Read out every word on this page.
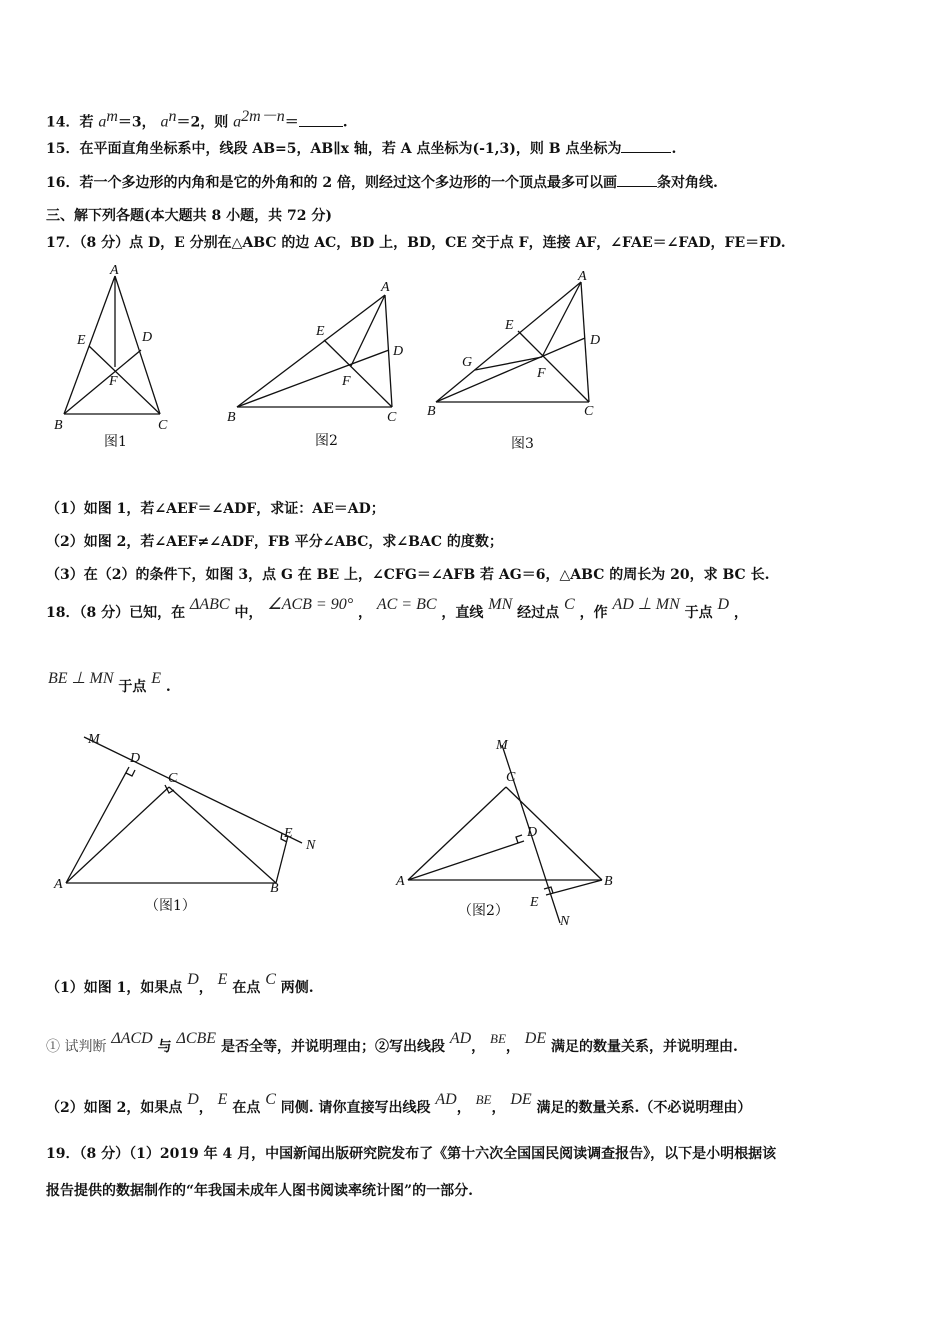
14．若 $a^m=3$， $a^n=2$，则 $a^{2m-n}=$	.
15．在平面直角坐标系中，线段 AB=5，AB∥x 轴，若 A 点坐标为(-1,3)，则 B 点坐标为	.
16．若一个多边形的内角和是它的外角和的 2 倍，则经过这个多边形的一个顶点最多可以画	条对角线.
三、解下列各题(本大题共 8 小题，共 72 分)
17．（8 分）点 D，E 分别在△ABC 的边 AC，BD 上，BD，CE 交于点 F，连接 AF，∠FAE＝∠FAD，FE＝FD.
A
B	C
D
E
F
图1
A
B	C
D
E
F
图2
A
B	C
D
E
F
G
图3
（1）如图 1，若∠AEF＝∠ADF，求证：AE＝AD；
（2）如图 2，若∠AEF≠∠ADF，FB 平分∠ABC，求∠BAC 的度数；
（3）在（2）的条件下，如图 3，点 G 在 BE 上，∠CFG＝∠AFB 若 AG＝6，△ABC 的周长为 20，求 BC 长.
18．（8 分）已知，在 ΔABC 中， ∠ACB = 90° ， AC = BC ，直线 MN 经过点 C ，作 AD ⊥ MN 于点 D ，
BE ⊥ MN 于点 E .
M
D
C
E
N
A	B
（图1）
M
C
D
A	B
E
N
（图2）
（1）如图 1，如果点 D， E 在点 C 两侧.
① 试判断 ΔACD 与 ΔCBE 是否全等，并说明理由；②写出线段 AD， BE， DE 满足的数量关系，并说明理由.
（2）如图 2，如果点 D， E 在点 C 同侧. 请你直接写出线段 AD， BE， DE 满足的数量关系.（不必说明理由）
19．（8 分）（1）2019 年 4 月，中国新闻出版研究院发布了《第十六次全国国民阅读调查报告》，以下是小明根据该
报告提供的数据制作的“年我国未成年人图书阅读率统计图”的一部分.
